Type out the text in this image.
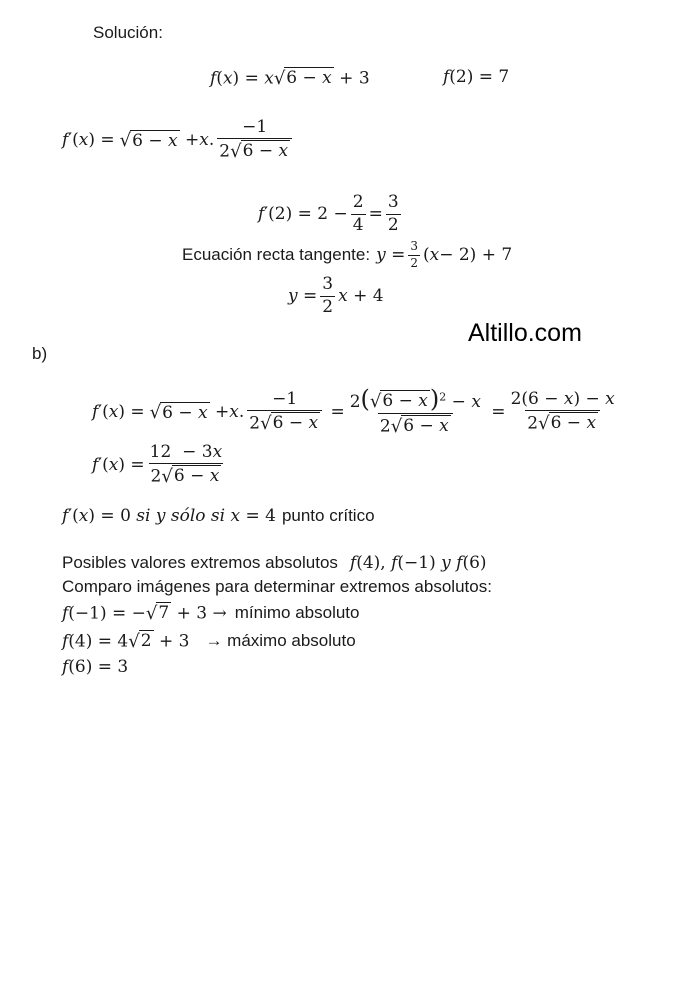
Solución:
f(x) = x √ 6 − x + 3	f(2) = 7
f ′( x ) = √ 6 − x + x . $\frac{-1}{2 √ 6 - x}$
f $'(2) = 2 - \frac{2}{4} = \frac{3}{2}$
Ecuación recta tangente: $y = \frac{3}{2}$ ( x − 2) + 7
$y = \frac{3}{2}$ x + 4
Altillo.com
b)
f ′( x ) = √ 6 − x + x . $\frac{-1}{2 √ 6 - x} = \frac{2( √ 6 - x )^2 - x}{2 √ 6 - x} = \frac{2(6 - x) - x}{2 √ 6 - x}$
f ′( x ) = $\frac{12 - 3x}{2 √ 6 - x}$
f′(x) = 0 si y sólo si x = 4 punto crítico
Posibles valores extremos absolutos f(4), f(−1) y f(6)
Comparo imágenes para determinar extremos absolutos:
f(−1) = − √ 7 + 3 → mínimo absoluto
f(4) = 4 √ 2 + 3 → máximo absoluto
f(6) = 3
